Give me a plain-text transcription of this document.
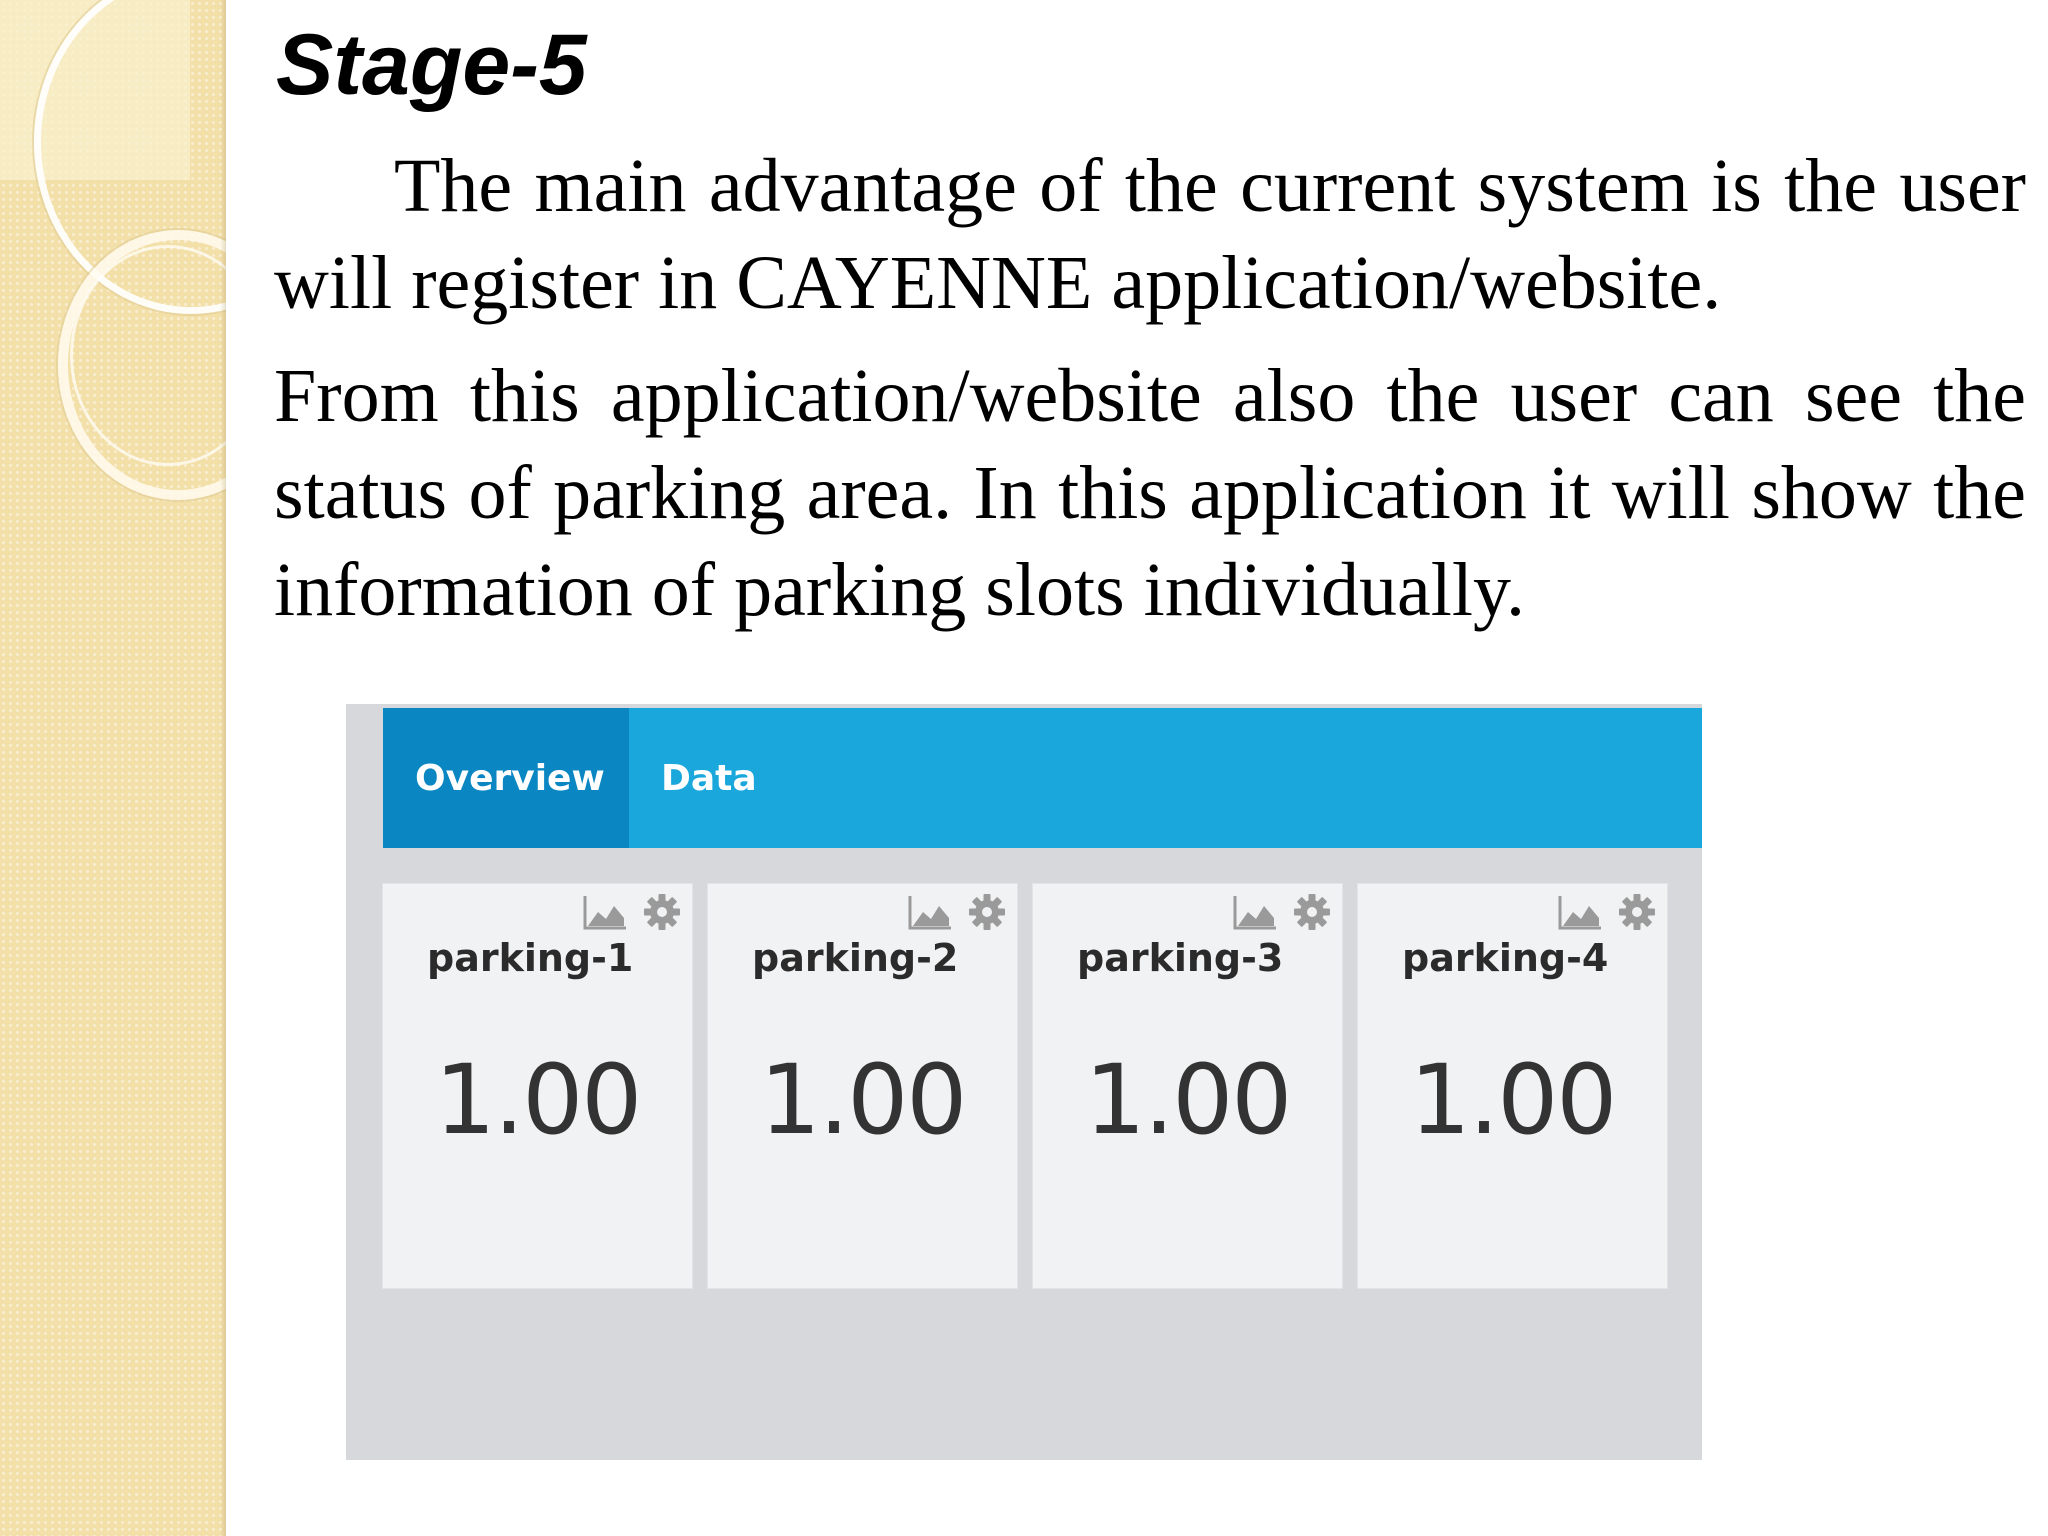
Stage-5

The main advantage of the current system is the user will register in CAYENNE application/website.

From this application/website also the user can see the status of parking area. In this application it will show the information of parking slots individually.

Overview	Data
parking-1
1.00
parking-2
1.00
parking-3
1.00
parking-4
1.00
